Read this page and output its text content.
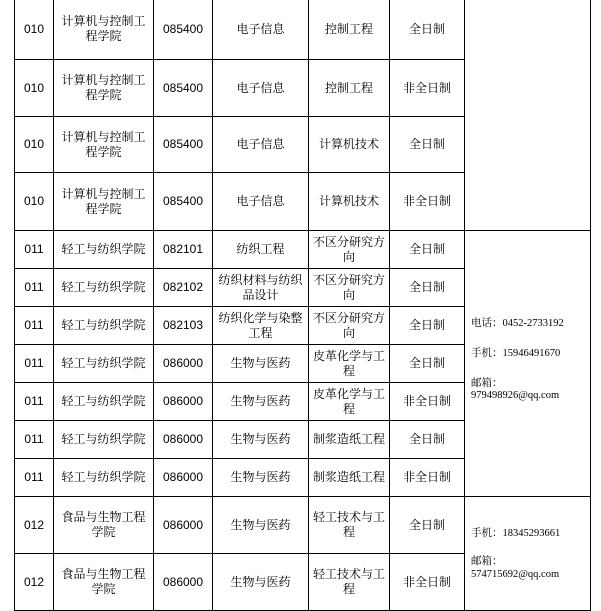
010	计算机与控制工程学院	085400	电子信息	控制工程	全日制	
010	计算机与控制工程学院	085400	电子信息	控制工程	非全日制	
010	计算机与控制工程学院	085400	电子信息	计算机技术	全日制	
010	计算机与控制工程学院	085400	电子信息	计算机技术	非全日制	
011	轻工与纺织学院	082101	纺织工程	不区分研究方向	全日制	电话：0452-2733192
手机：15946491670
邮箱：
979498926@qq.com

011	轻工与纺织学院	082102	纺织材料与纺织品设计	不区分研究方向	全日制	
011	轻工与纺织学院	082103	纺织化学与染整工程	不区分研究方向	全日制	
011	轻工与纺织学院	086000	生物与医药	皮革化学与工程	全日制	
011	轻工与纺织学院	086000	生物与医药	皮革化学与工程	非全日制	
011	轻工与纺织学院	086000	生物与医药	制浆造纸工程	全日制	
011	轻工与纺织学院	086000	生物与医药	制浆造纸工程	非全日制	
012	食品与生物工程学院	086000	生物与医药	轻工技术与工程	全日制	手机：18345293661
邮箱：
574715692@qq.com

012	食品与生物工程学院	086000	生物与医药	轻工技术与工程	非全日制	
